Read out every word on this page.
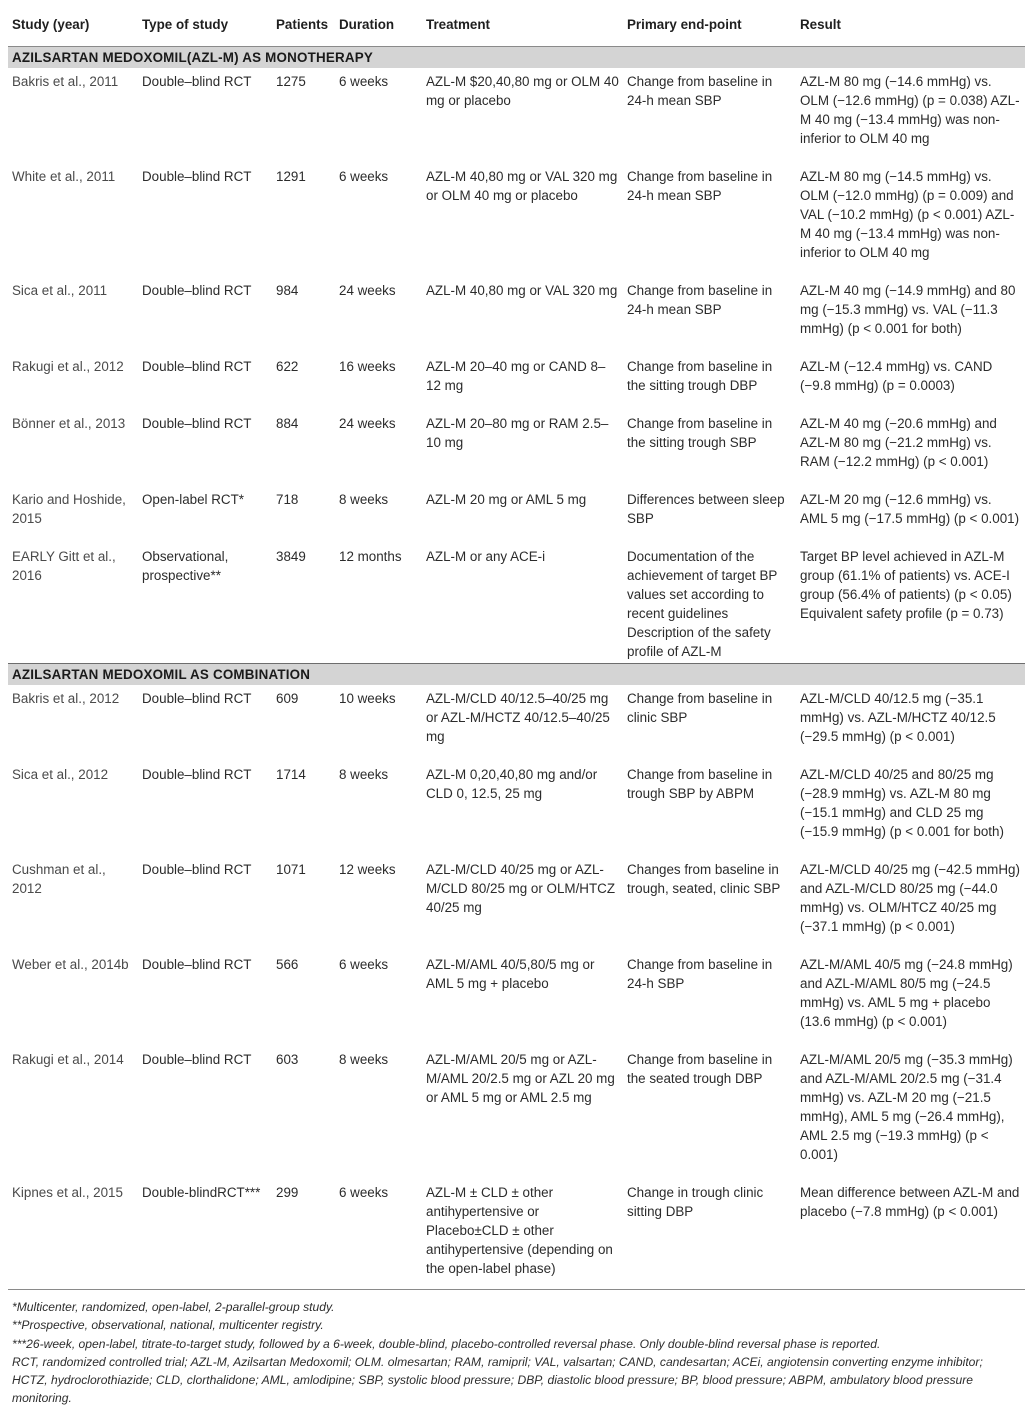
Study (year)	Type of study	Patients	Duration	Treatment	Primary end-point	Result
AZILSARTAN MEDOXOMIL(AZL-M) AS MONOTHERAPY						
Bakris et al., 2011	Double–blind RCT	1275	6 weeks	AZL-M $20,40,80 mg or OLM 40 mg or placebo	Change from baseline in 24-h mean SBP	AZL-M 80 mg (−14.6 mmHg) vs. OLM (−12.6 mmHg) (p = 0.038) AZL-M 40 mg (−13.4 mmHg) was non-inferior to OLM 40 mg
White et al., 2011	Double–blind RCT	1291	6 weeks	AZL-M 40,80 mg or VAL 320 mg or OLM 40 mg or placebo	Change from baseline in 24-h mean SBP	AZL-M 80 mg (−14.5 mmHg) vs. OLM (−12.0 mmHg) (p = 0.009) and VAL (−10.2 mmHg) (p < 0.001) AZL-M 40 mg (−13.4 mmHg) was non-inferior to OLM 40 mg
Sica et al., 2011	Double–blind RCT	984	24 weeks	AZL-M 40,80 mg or VAL 320 mg	Change from baseline in 24-h mean SBP	AZL-M 40 mg (−14.9 mmHg) and 80 mg (−15.3 mmHg) vs. VAL (−11.3 mmHg) (p < 0.001 for both)
Rakugi et al., 2012	Double–blind RCT	622	16 weeks	AZL-M 20–40 mg or CAND 8–12 mg	Change from baseline in the sitting trough DBP	AZL-M (−12.4 mmHg) vs. CAND (−9.8 mmHg) (p = 0.0003)
Bönner et al., 2013	Double–blind RCT	884	24 weeks	AZL-M 20–80 mg or RAM 2.5–10 mg	Change from baseline in the sitting trough SBP	AZL-M 40 mg (−20.6 mmHg) and AZL-M 80 mg (−21.2 mmHg) vs. RAM (−12.2 mmHg) (p < 0.001)
Kario and Hoshide, 2015	Open-label RCT*	718	8 weeks	AZL-M 20 mg or AML 5 mg	Differences between sleep SBP	AZL-M 20 mg (−12.6 mmHg) vs. AML 5 mg (−17.5 mmHg) (p < 0.001)
EARLY Gitt et al., 2016	Observational, prospective**	3849	12 months	AZL-M or any ACE-i	Documentation of the achievement of target BP values set according to recent guidelines Description of the safety profile of AZL-M	Target BP level achieved in AZL-M group (61.1% of patients) vs. ACE-I group (56.4% of patients) (p < 0.05) Equivalent safety profile (p = 0.73)
AZILSARTAN MEDOXOMIL AS COMBINATION						
Bakris et al., 2012	Double–blind RCT	609	10 weeks	AZL-M/CLD 40/12.5–40/25 mg or AZL-M/HCTZ 40/12.5–40/25 mg	Change from baseline in clinic SBP	AZL-M/CLD 40/12.5 mg (−35.1 mmHg) vs. AZL-M/HCTZ 40/12.5 (−29.5 mmHg) (p < 0.001)
Sica et al., 2012	Double–blind RCT	1714	8 weeks	AZL-M 0,20,40,80 mg and/or CLD 0, 12.5, 25 mg	Change from baseline in trough SBP by ABPM	AZL-M/CLD 40/25 and 80/25 mg (−28.9 mmHg) vs. AZL-M 80 mg (−15.1 mmHg) and CLD 25 mg (−15.9 mmHg) (p < 0.001 for both)
Cushman et al., 2012	Double–blind RCT	1071	12 weeks	AZL-M/CLD 40/25 mg or AZL-M/CLD 80/25 mg or OLM/HTCZ 40/25 mg	Changes from baseline in trough, seated, clinic SBP	AZL-M/CLD 40/25 mg (−42.5 mmHg) and AZL-M/CLD 80/25 mg (−44.0 mmHg) vs. OLM/HTCZ 40/25 mg (−37.1 mmHg) (p < 0.001)
Weber et al., 2014b	Double–blind RCT	566	6 weeks	AZL-M/AML 40/5,80/5 mg or AML 5 mg + placebo	Change from baseline in 24-h SBP	AZL-M/AML 40/5 mg (−24.8 mmHg) and AZL-M/AML 80/5 mg (−24.5 mmHg) vs. AML 5 mg + placebo (13.6 mmHg) (p < 0.001)
Rakugi et al., 2014	Double–blind RCT	603	8 weeks	AZL-M/AML 20/5 mg or AZL-M/AML 20/2.5 mg or AZL 20 mg or AML 5 mg or AML 2.5 mg	Change from baseline in the seated trough DBP	AZL-M/AML 20/5 mg (−35.3 mmHg) and AZL-M/AML 20/2.5 mg (−31.4 mmHg) vs. AZL-M 20 mg (−21.5 mmHg), AML 5 mg (−26.4 mmHg), AML 2.5 mg (−19.3 mmHg) (p < 0.001)
Kipnes et al., 2015	Double-blindRCT***	299	6 weeks	AZL-M ± CLD ± other antihypertensive or Placebo±CLD ± other antihypertensive (depending on the open-label phase)	Change in trough clinic sitting DBP	Mean difference between AZL-M and placebo (−7.8 mmHg) (p < 0.001)

*Multicenter, randomized, open-label, 2-parallel-group study.

**Prospective, observational, national, multicenter registry.

***26-week, open-label, titrate-to-target study, followed by a 6-week, double-blind, placebo-controlled reversal phase. Only double-blind reversal phase is reported.

RCT, randomized controlled trial; AZL-M, Azilsartan Medoxomil; OLM. olmesartan; RAM, ramipril; VAL, valsartan; CAND, candesartan; ACEi, angiotensin converting enzyme inhibitor; HCTZ, hydroclorothiazide; CLD, clorthalidone; AML, amlodipine; SBP, systolic blood pressure; DBP, diastolic blood pressure; BP, blood pressure; ABPM, ambulatory blood pressure monitoring.
